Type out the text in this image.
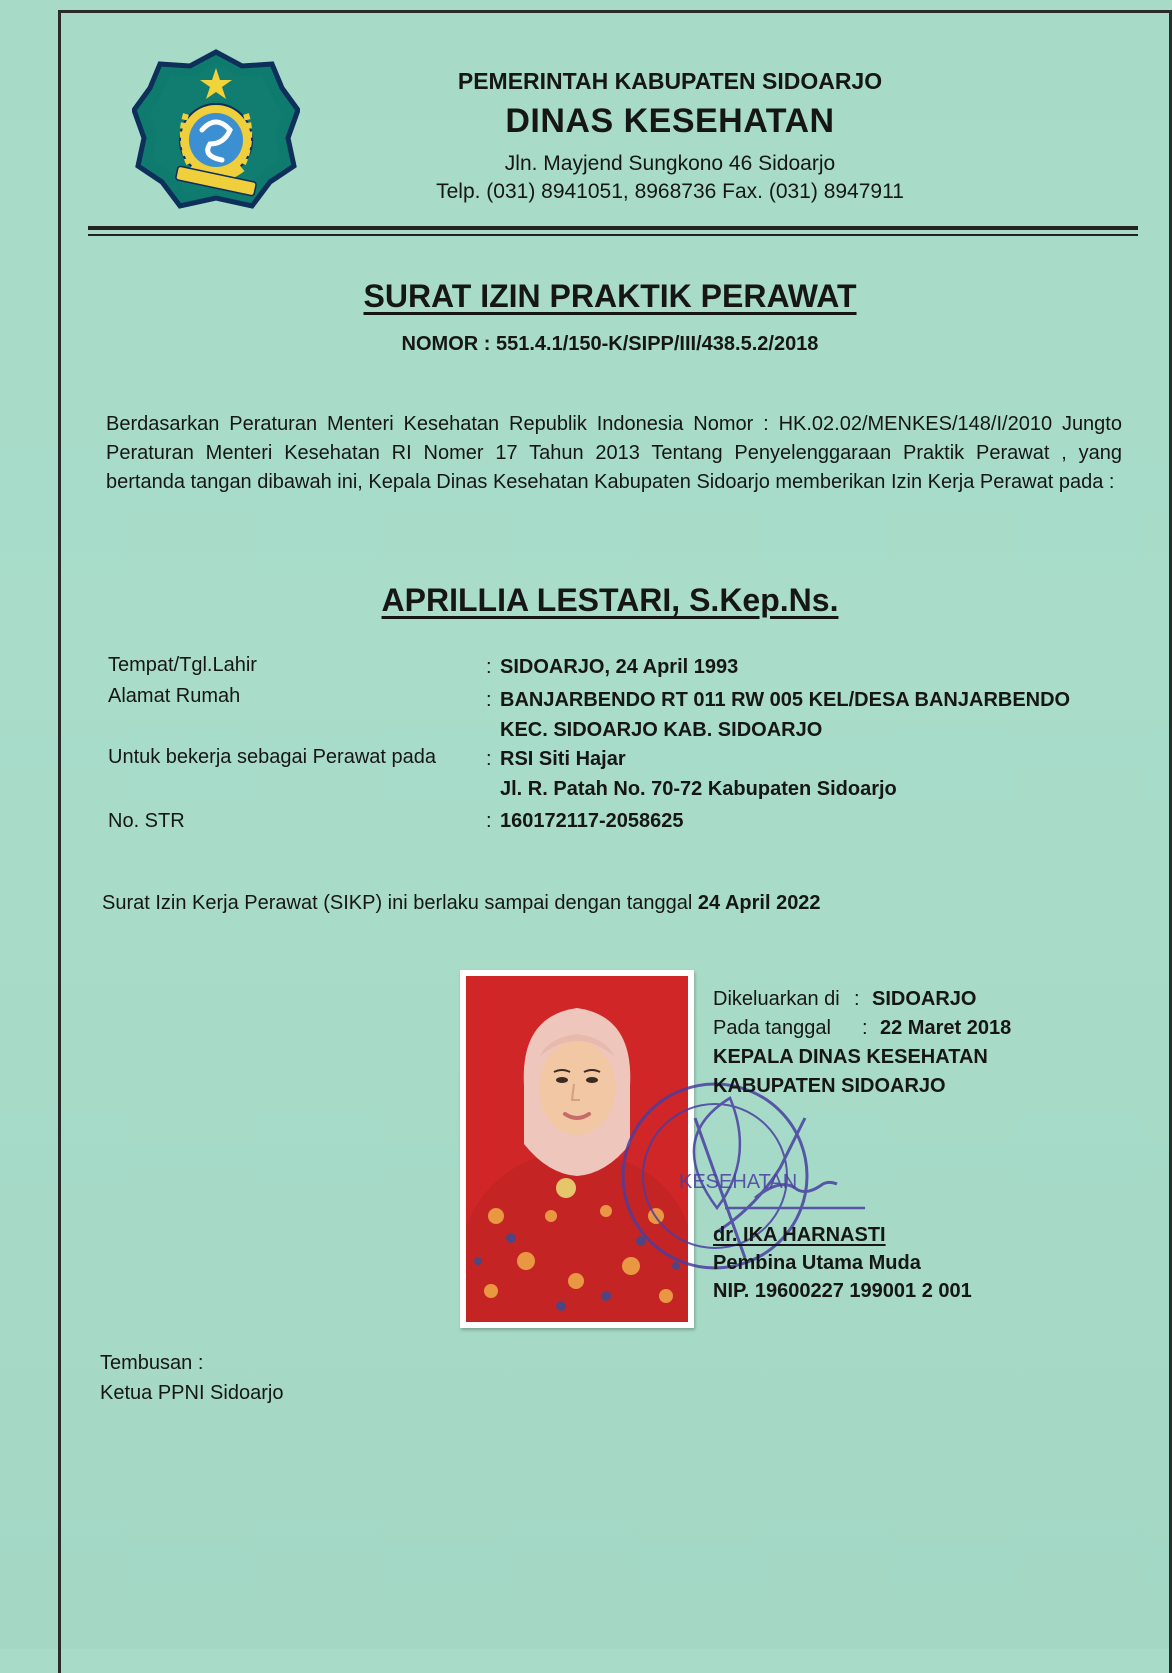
PEMERINTAH KABUPATEN SIDOARJO
DINAS KESEHATAN
Jln. Mayjend Sungkono 46 Sidoarjo
Telp. (031) 8941051, 8968736 Fax. (031) 8947911
SURAT IZIN PRAKTIK PERAWAT
NOMOR : 551.4.1/150-K/SIPP/III/438.5.2/2018
Berdasarkan Peraturan Menteri Kesehatan Republik Indonesia Nomor : HK.02.02/MENKES/148/I/2010 Jungto Peraturan Menteri Kesehatan RI Nomer 17 Tahun 2013 Tentang Penyelenggaraan Praktik Perawat , yang bertanda tangan dibawah ini, Kepala Dinas Kesehatan Kabupaten Sidoarjo memberikan Izin Kerja Perawat pada :
APRILLIA LESTARI, S.Kep.Ns.
Tempat/Tgl.Lahir	: SIDOARJO, 24 April 1993
Alamat Rumah	: BANJARBENDO RT 011 RW 005 KEL/DESA BANJARBENDO
KEC. SIDOARJO KAB. SIDOARJO
Untuk bekerja sebagai Perawat pada	: RSI Siti Hajar
Jl. R. Patah No. 70-72 Kabupaten Sidoarjo
No. STR	: 160172117-2058625
Surat Izin Kerja Perawat (SIKP) ini berlaku sampai dengan tanggal 24 April 2022
KESEHATAN
Dikeluarkan di : SIDOARJO
Pada tanggal : 22 Maret 2018
KEPALA DINAS KESEHATAN
KABUPATEN SIDOARJO
dr. IKA HARNASTI
Pembina Utama Muda
NIP. 19600227 199001 2 001
Tembusan :
Ketua PPNI Sidoarjo
